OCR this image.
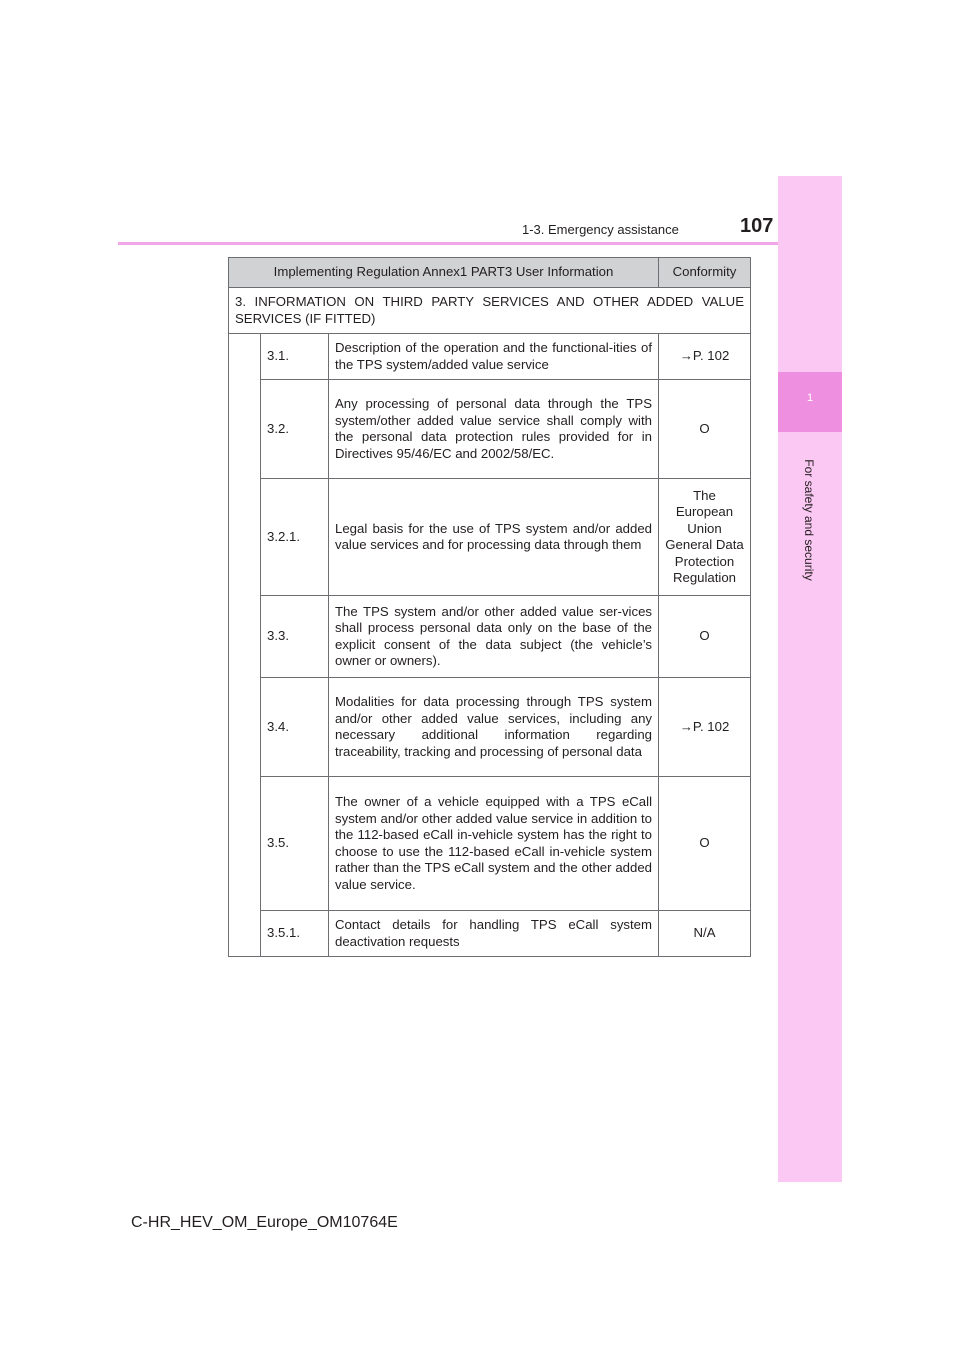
1-3. Emergency assistance	107
1
For safety and security
Implementing Regulation Annex1 PART3 User Information			Conformity
3. INFORMATION ON THIRD PARTY SERVICES AND OTHER ADDED VALUE SERVICES (IF FITTED)			
	3.1.	Description of the operation and the functional-ities of the TPS system/added value service	→P. 102
	3.2.	Any processing of personal data through the TPS system/other added value service shall comply with the personal data protection rules provided for in Directives 95/46/EC and 2002/58/EC.	O
	3.2.1.	Legal basis for the use of TPS system and/or added value services and for processing data through them	The European Union General Data Protection Regulation
	3.3.	The TPS system and/or other added value ser-vices shall process personal data only on the base of the explicit consent of the data subject (the vehicle’s owner or owners).	O
	3.4.	Modalities for data processing through TPS system and/or other added value services, including any necessary additional information regarding traceability, tracking and processing of personal data	→P. 102
	3.5.	The owner of a vehicle equipped with a TPS eCall system and/or other added value service in addition to the 112-based eCall in-vehicle system has the right to choose to use the 112-based eCall in-vehicle system rather than the TPS eCall system and the other added value service.	O
	3.5.1.	Contact details for handling TPS eCall system deactivation requests	N/A
C-HR_HEV_OM_Europe_OM10764E
